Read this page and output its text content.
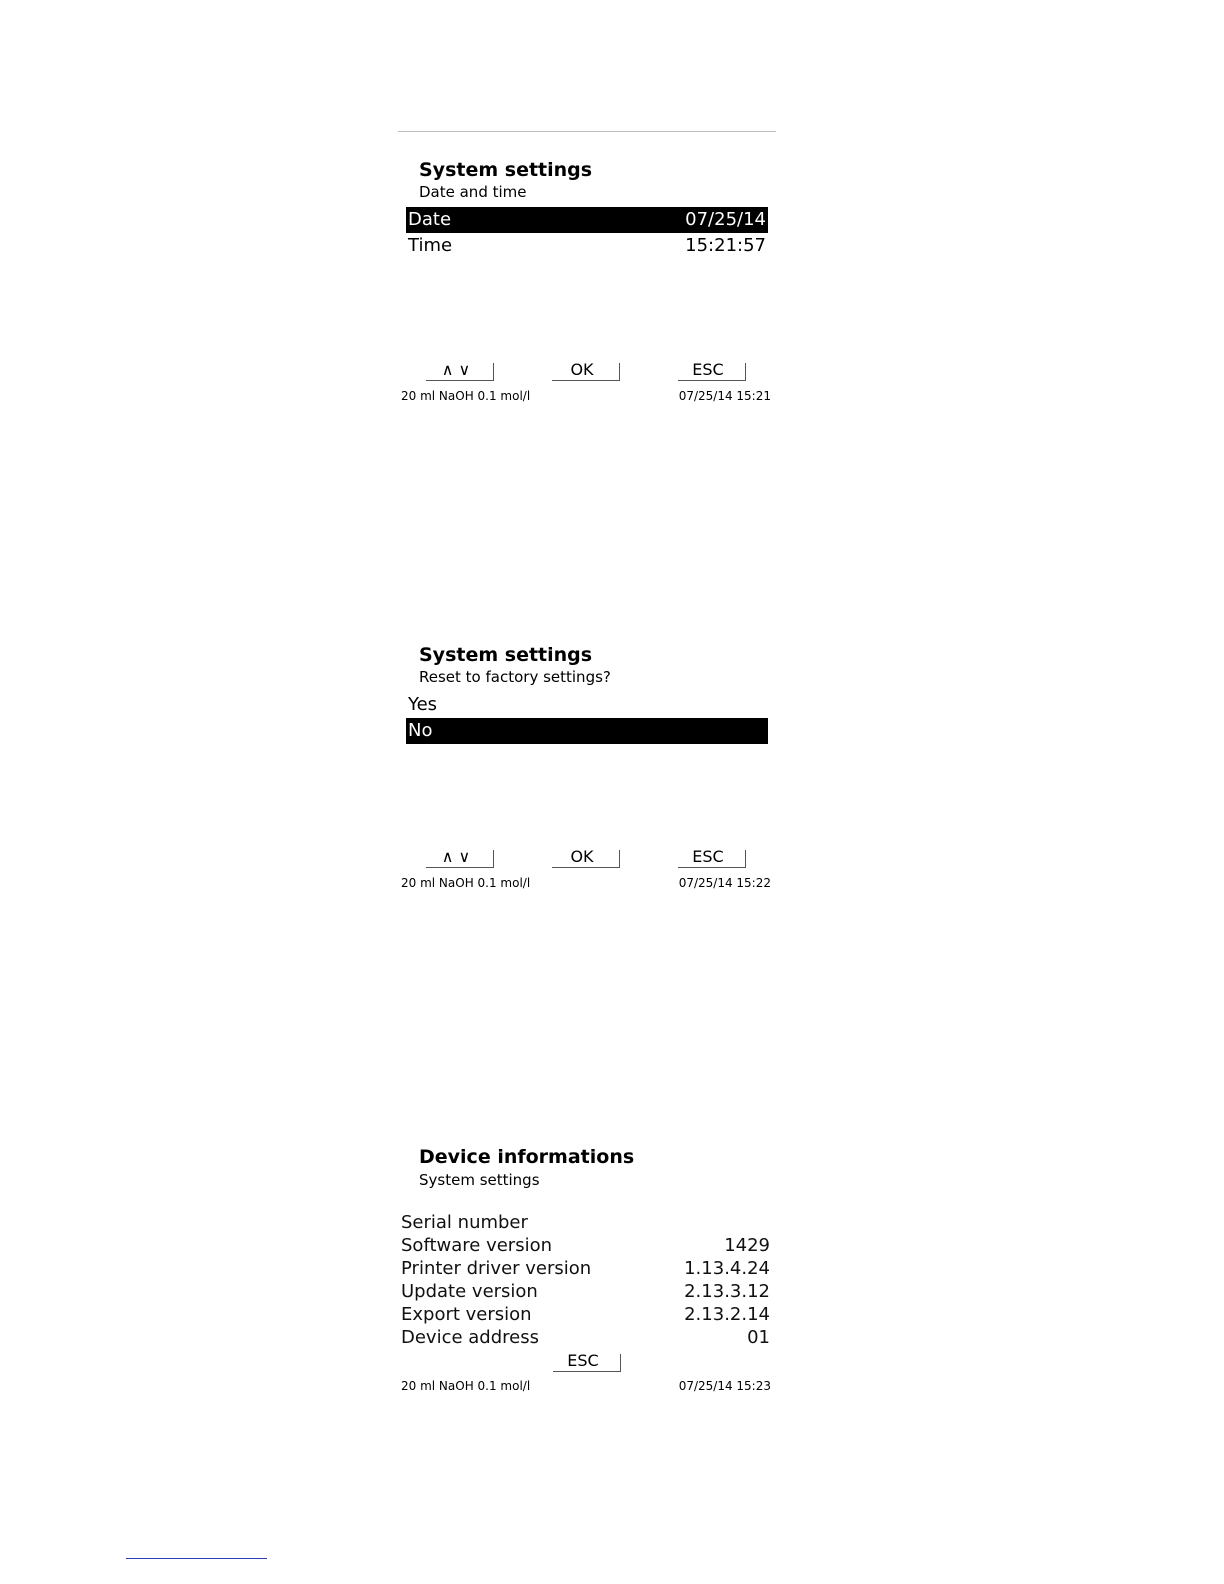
System settings
Date and time
Date	07/25/14
Time	15:21:57
∧ ∨	OK	ESC
20 ml NaOH 0.1 mol/l	07/25/14 15:21
System settings
Reset to factory settings?
Yes
No
∧ ∨	OK	ESC
20 ml NaOH 0.1 mol/l	07/25/14 15:22
Device informations
System settings
Serial number
Software version	1429
Printer driver version	1.13.4.24
Update version	2.13.3.12
Export version	2.13.2.14
Device address	01
ESC
20 ml NaOH 0.1 mol/l	07/25/14 15:23
